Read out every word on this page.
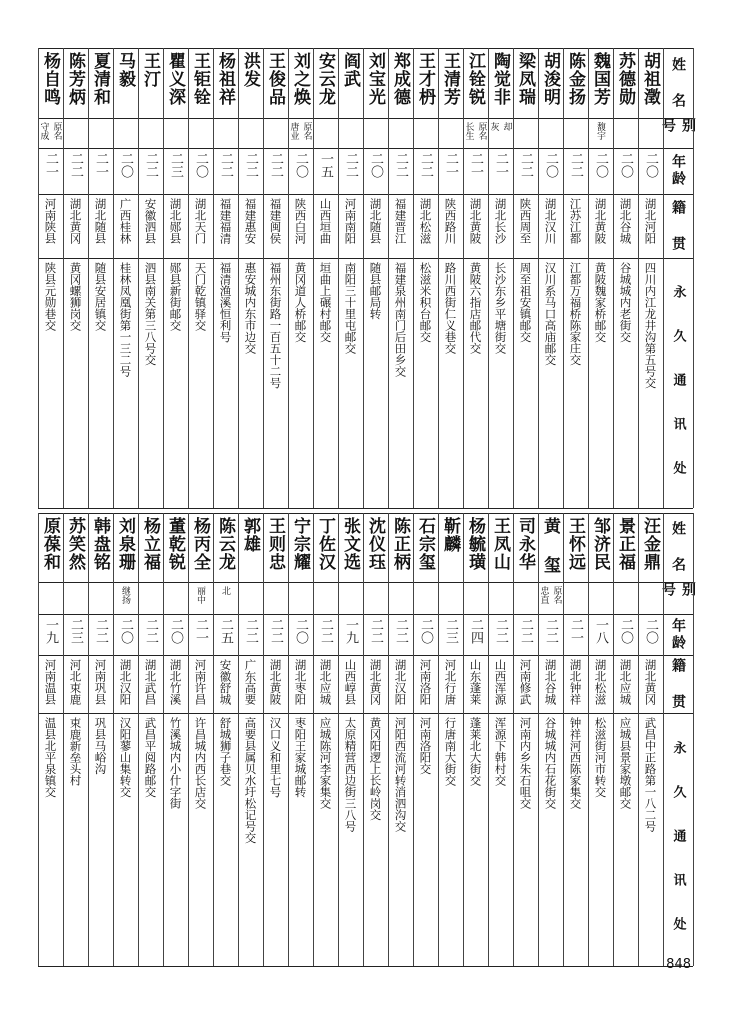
姓 名
别号
年龄
籍 贯
永 久 通 讯 处
胡祖澂
二〇
湖北河阳
四川内江龙井沟第五号交
苏德勋
二〇
湖北谷城
谷城城内老街交
魏国芳
馥宇
二〇
湖北黄陂
黄陂魏家桥邮交
陈金扬
二二
江苏江都
江都万福桥陈家庄交
胡浚明
二〇
湖北汉川
汉川系马口高庙邮交
梁凤瑞
二二
陕西周至
周至祖安镇邮交
陶觉非
却 灰
二一
湖北长沙
长沙东乡平塘街交
江铨锐
原名 长生
二一
湖北黄陂
黄陂六指店邮代交
王清芳
二一
陕西路川
路川西街仁义巷交
王才枬
二二
湖北松滋
松滋米积台邮交
郑成德
二二
福建晋江
福建泉州南门后田乡交
刘宝光
二〇
湖北随县
随县邮局转
阎武
二二
河南南阳
南阳三十里屯邮交
安云龙
一五
山西垣曲
垣曲上碾村邮交
刘之焕
原名 唐业
二〇
陕西白河
黄冈道人桥邮交
王俊品
二二
福建闽侯
福州东街路一百五十二号
洪发
二二
福建惠安
惠安城内东市边交
杨祖祥
二二
福建福清
福清渔溪恒利号
王钜铨
二〇
湖北天门
天门乾镇驿交
瞿义深
二三
湖北郧县
郧县新街邮交
王汀
二二
安徽泗县
泗县南关第三八号交
马毅
二〇
广西桂林
桂林凤凰街第一三二号
夏清和
二一
湖北随县
随县安居镇交
陈芳炳
二二
湖北黄冈
黄冈螺狮岗交
杨自鸣
原名 守成
二一
河南陕县
陕县元勋巷交
姓 名
别号
年龄
籍 贯
永 久 通 讯 处
汪金鼎
二〇
湖北黄冈
武昌中正路第一八二号
景正福
二〇
湖北应城
应城县景家墩邮交
邹济民
一八
湖北松滋
松滋街河市转交
王怀远
二一
湖北钟祥
钟祥河西陈家集交
黄 玺
原名 忠直
二二
湖北谷城
谷城城内石花街交
司永华
二二
河南修武
河南内乡朱石咀交
王凤山
二二
山西浑源
浑源下韩村交
杨毓璜
二四
山东蓬莱
蓬莱北大街交
靳麟
二三
河北行唐
行唐南大街交
石宗玺
二〇
河南洛阳
河南洛阳交
陈正柄
二二
湖北汉阳
河阳西流河转消泗沟交
沈仪珏
二二
湖北黄冈
黄冈阳逻上长岭岗交
张文选
一九
山西崞县
太原精营西边街三八号
丁佐汉
二二
湖北应城
应城陈河李家集交
宁宗耀
二〇
湖北枣阳
枣阳王家城邮转
王则忠
二二
湖北黄陂
汉口义和里七号
郭雄
二二
广东高要
高要县属贝水圩松记号交
陈云龙
北
二五
安徽舒城
舒城狮子巷交
杨丙全
丽中
二一
河南许昌
许昌城内西长店交
董乾锐
二〇
湖北竹溪
竹溪城内小什字街
杨立福
二二
湖北武昌
武昌平阅路邮交
刘泉珊
继扬
二〇
湖北汉阳
汉阳蓼山集转交
韩盘铭
二二
河南巩县
巩县马峪沟
苏笑然
二三
河北束鹿
束鹿新垒头村
原葆和
一九
河南温县
温县北平泉镇交
848
